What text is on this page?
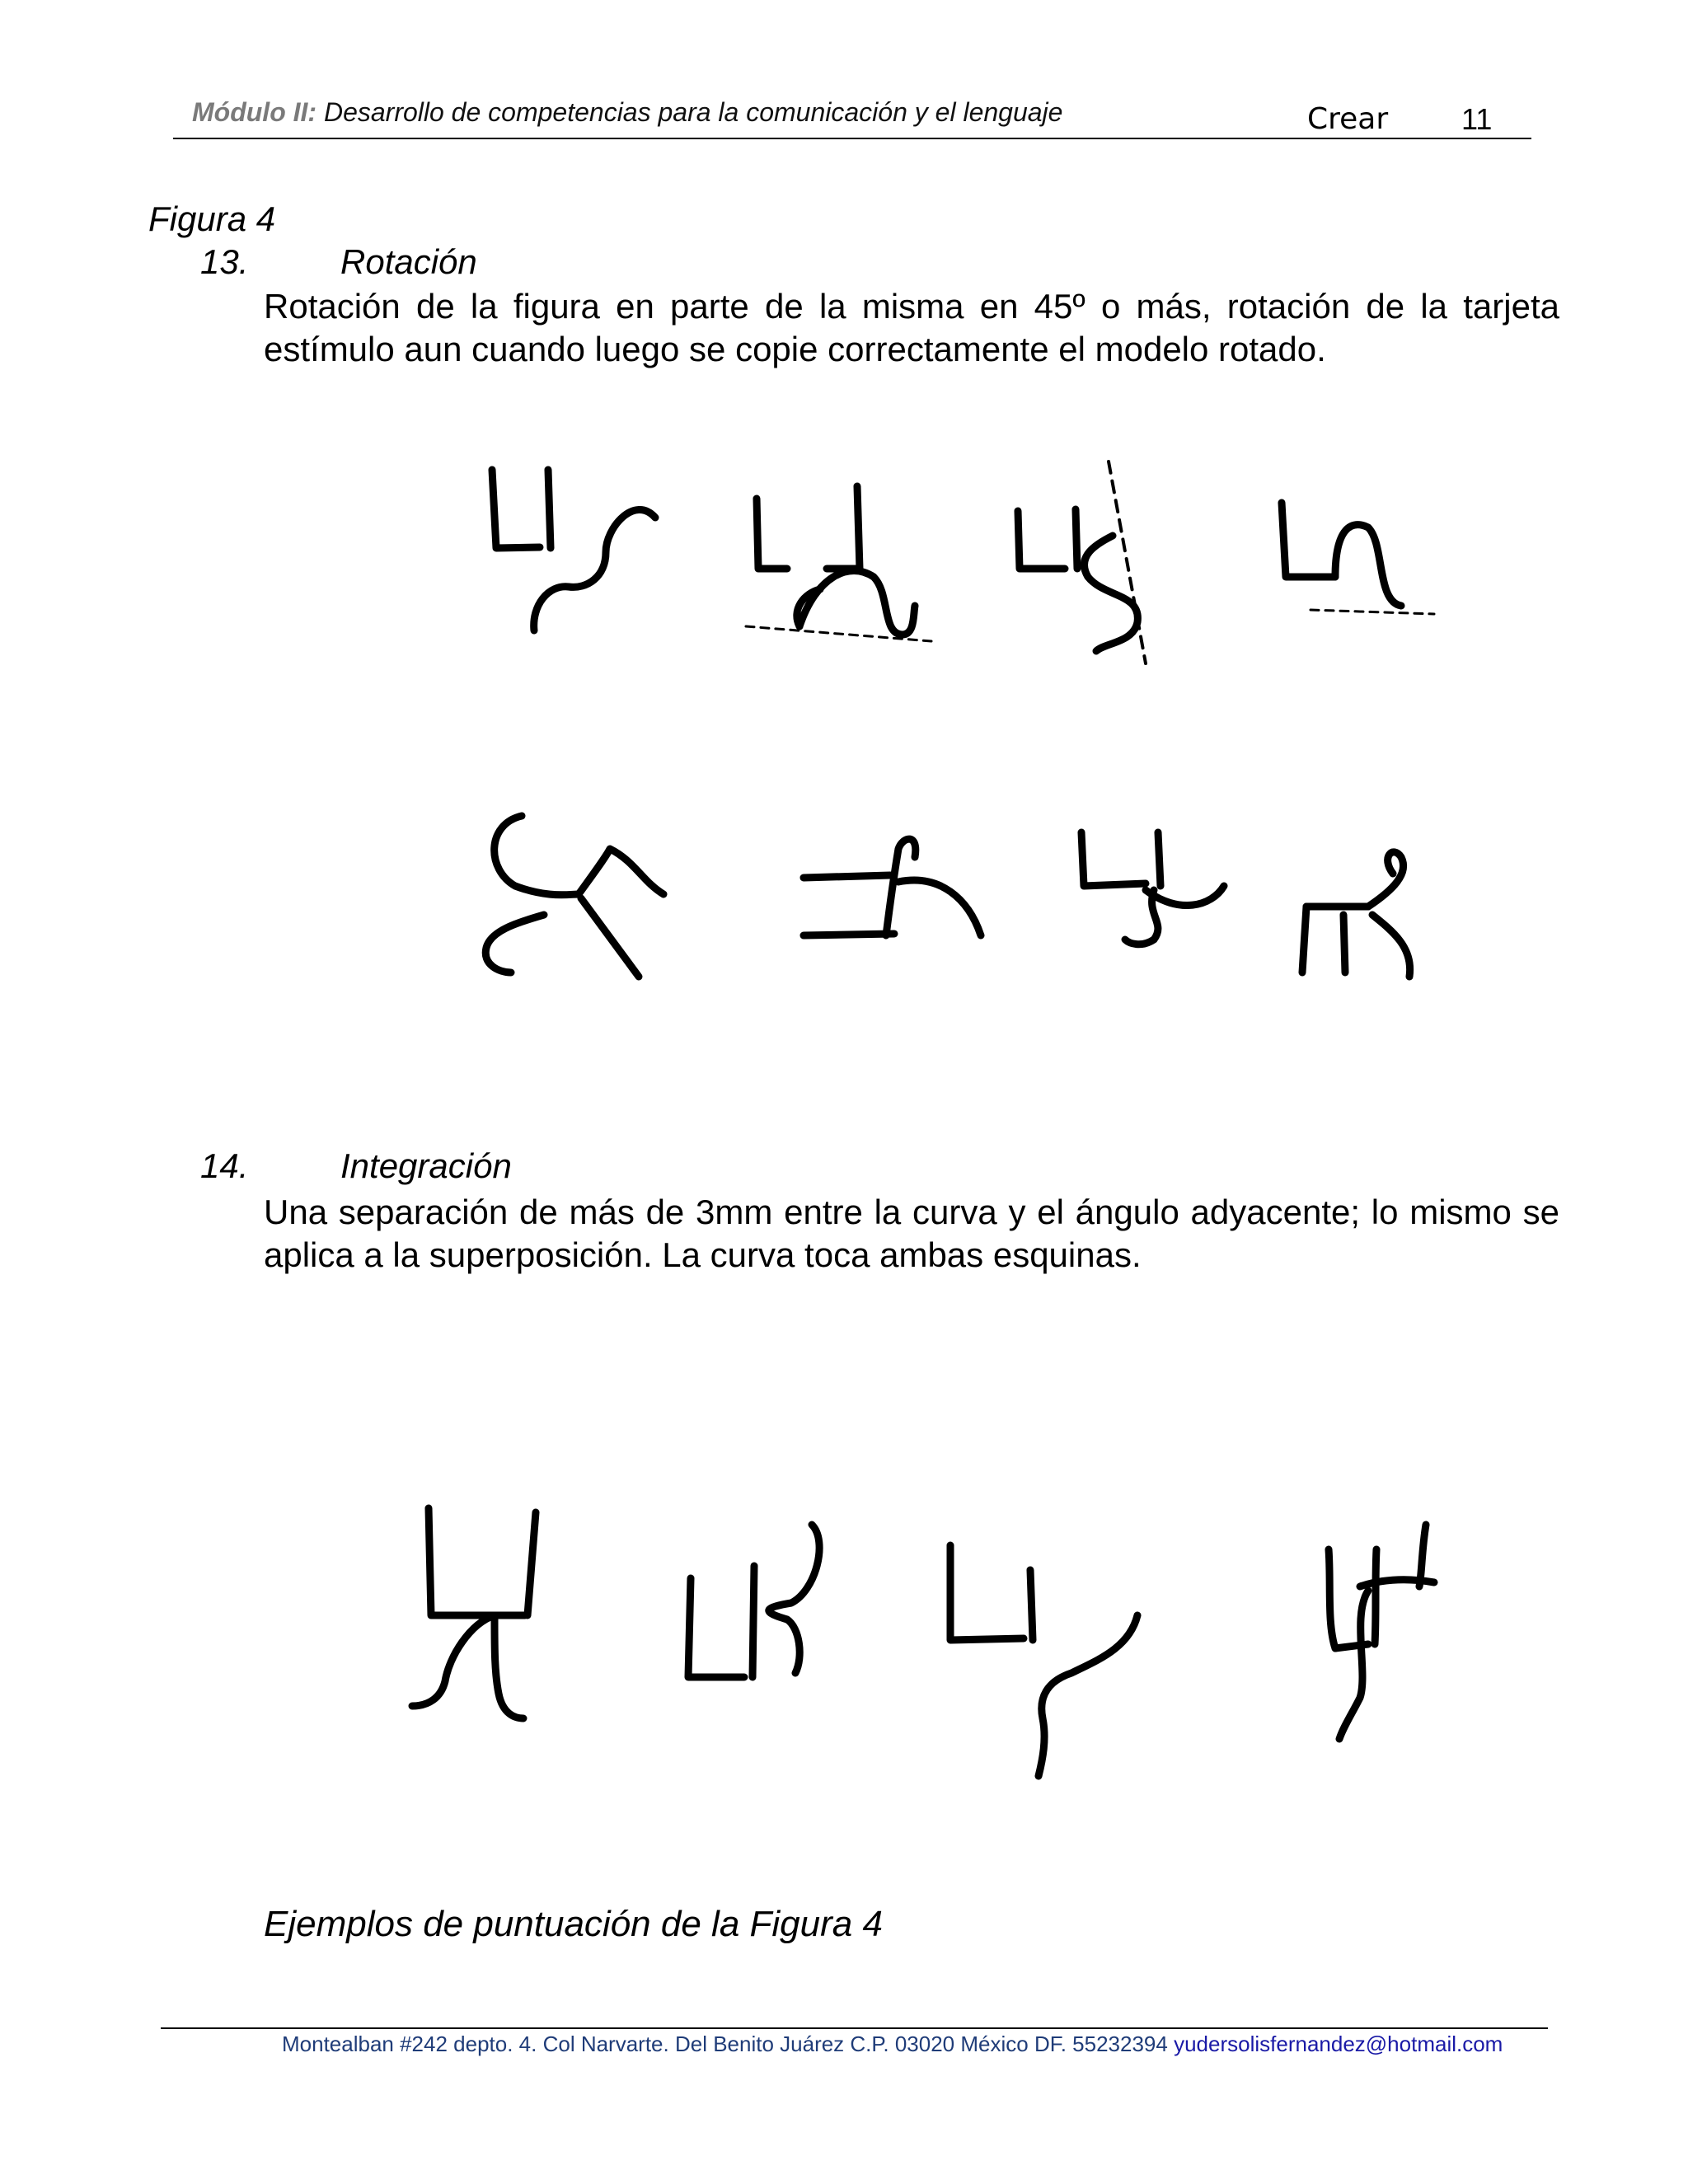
Módulo II: Desarrollo de competencias para la comunicación y el lenguaje	Crear 11
Figura 4
13.	Rotación
Rotación de la figura en parte de la misma en 45º o más, rotación de la tarjeta estímulo aun cuando luego se copie correctamente el modelo rotado.
14.	Integración
Una separación de más de 3mm entre la curva y el ángulo adyacente; lo mismo se aplica a la superposición. La curva toca ambas esquinas.
Ejemplos de puntuación de la Figura 4
Montealban #242 depto. 4. Col Narvarte. Del Benito Juárez C.P. 03020 México DF. 55232394 yudersolisfernandez@hotmail.com
